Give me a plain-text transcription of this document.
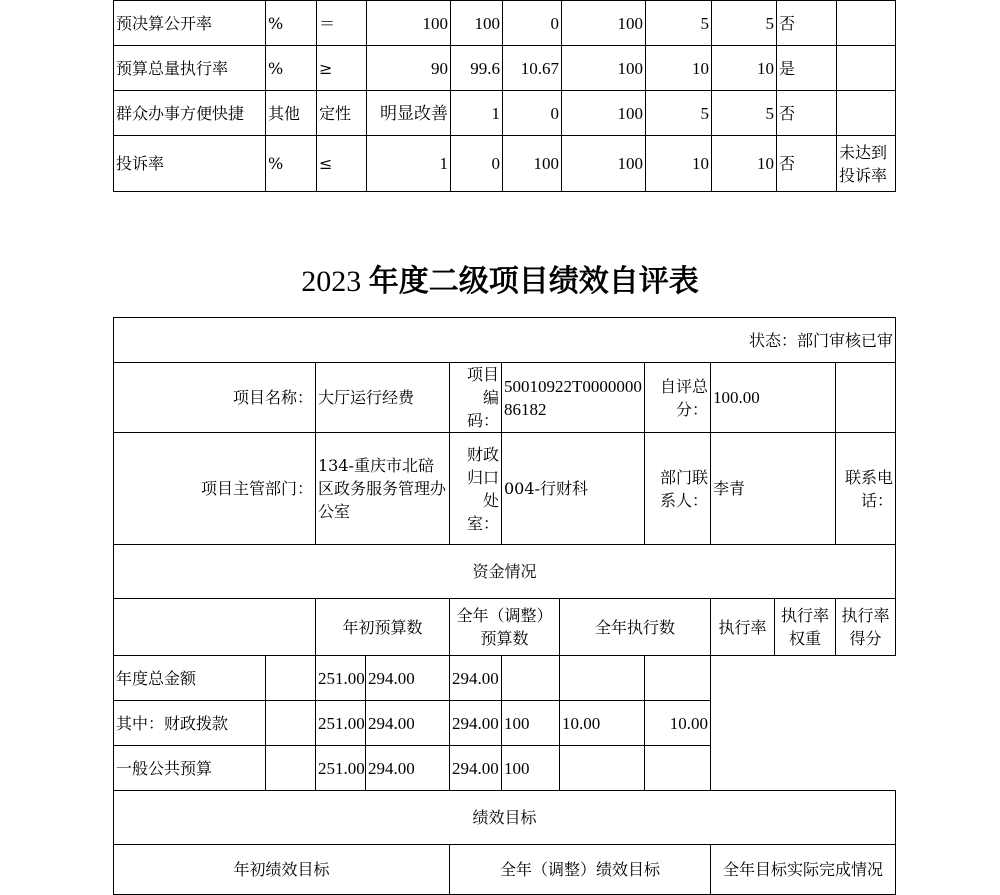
预决算公开率	%	＝	100	100	0	100	5	5	否	
预算总量执行率	%	≥	90	99.6	10.67	100	10	10	是	
群众办事方便快捷	其他	定性	明显改善	1	0	100	5	5	否	
投诉率	%	≤	1	0	100	100	10	10	否	未达到投诉率
2023 年度二级项目绩效自评表
状态：部门审核已审										
项目名称：		大厅运行经费		项目编码：	50010922T000000086182		自评总分：	100.00		
项目主管部门：		134-重庆市北碚区政务服务管理办公室		财政归口处室：	004-行财科		部门联系人：	李青		联系电话：
资金情况										
		年初预算数		全年（调整）预算数		全年执行数		执行率	执行率权重	执行率得分
年度总金额		251.00	294.00	294.00						
其中：财政拨款		251.00	294.00	294.00	100	10.00	10.00			
一般公共预算		251.00	294.00	294.00	100					
绩效目标										
年初绩效目标				全年（调整）绩效目标				全年目标实际完成情况		
